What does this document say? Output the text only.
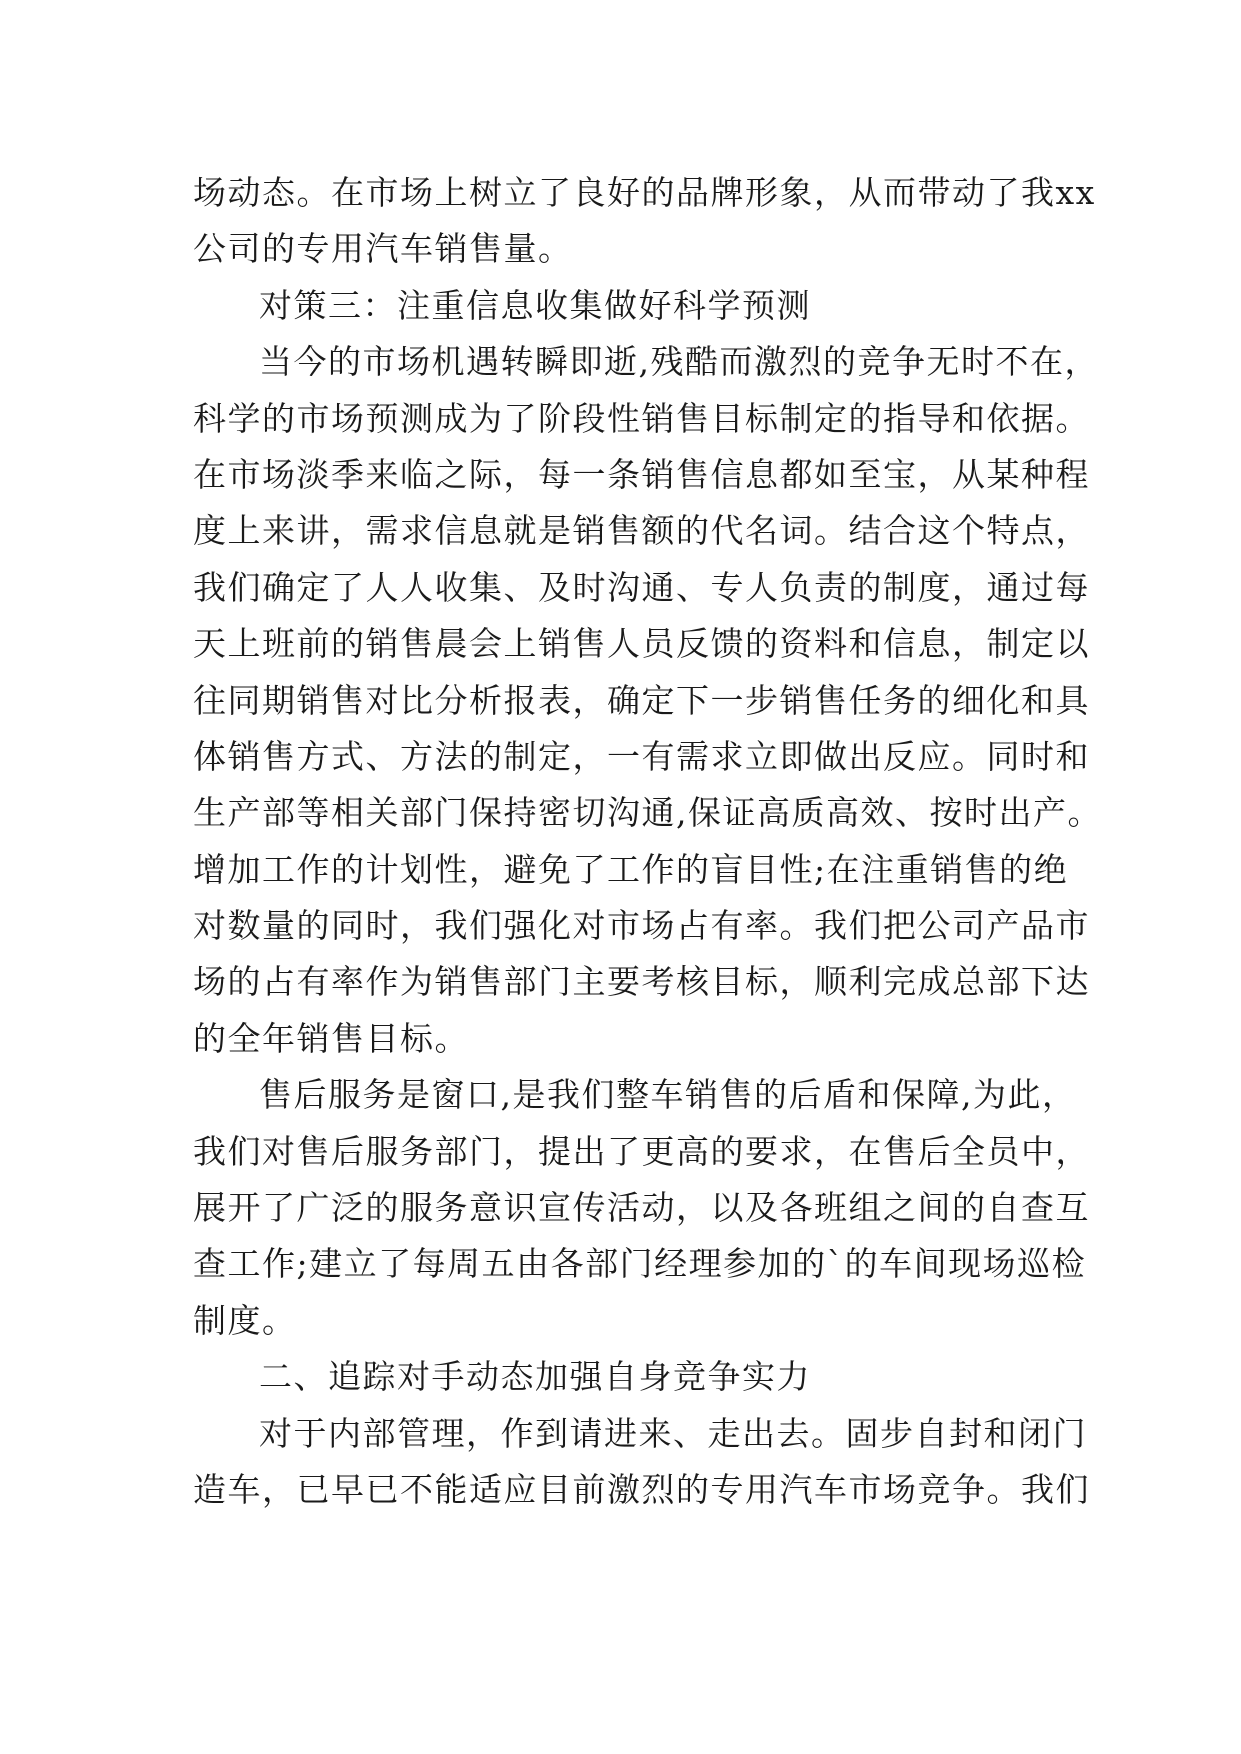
场动态。在市场上树立了良好的品牌形象，从而带动了我xx
公司的专用汽车销售量。
对策三：注重信息收集做好科学预测
当今的市场机遇转瞬即逝,残酷而激烈的竞争无时不在，
科学的市场预测成为了阶段性销售目标制定的指导和依据。
在市场淡季来临之际，每一条销售信息都如至宝，从某种程
度上来讲，需求信息就是销售额的代名词。结合这个特点，
我们确定了人人收集、及时沟通、专人负责的制度，通过每
天上班前的销售晨会上销售人员反馈的资料和信息，制定以
往同期销售对比分析报表，确定下一步销售任务的细化和具
体销售方式、方法的制定，一有需求立即做出反应。同时和
生产部等相关部门保持密切沟通,保证高质高效、按时出产。
增加工作的计划性，避免了工作的盲目性;在注重销售的绝
对数量的同时，我们强化对市场占有率。我们把公司产品市
场的占有率作为销售部门主要考核目标，顺利完成总部下达
的全年销售目标。
售后服务是窗口,是我们整车销售的后盾和保障,为此，
我们对售后服务部门，提出了更高的要求，在售后全员中，
展开了广泛的服务意识宣传活动，以及各班组之间的自查互
查工作;建立了每周五由各部门经理参加的`的车间现场巡检
制度。
二、追踪对手动态加强自身竞争实力
对于内部管理，作到请进来、走出去。固步自封和闭门
造车，已早已不能适应目前激烈的专用汽车市场竞争。我们
